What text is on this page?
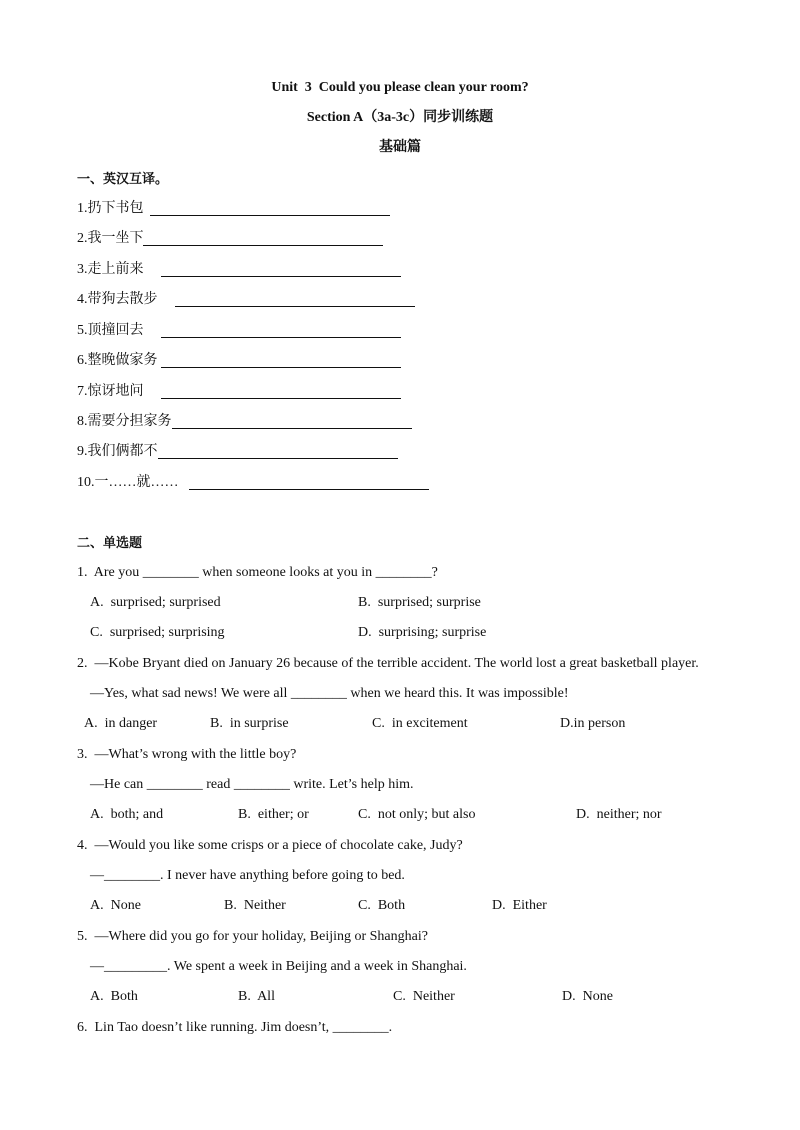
Unit  3  Could you please clean your room?
Section A（3a-3c）同步训练题
基础篇
一、英汉互译。
1.扔下书包
2.我一坐下
3.走上前来
4.带狗去散步
5.顶撞回去
6.整晚做家务
7.惊讶地问
8.需要分担家务
9.我们俩都不
10.一……就……
二、单选题
1.  Are you ________ when someone looks at you in ________?
A.  surprised; surprised	B.  surprised; surprise
C.  surprised; surprising	D.  surprising; surprise
2.  —Kobe Bryant died on January 26 because of the terrible accident. The world lost a great basketball player.
—Yes, what sad news! We were all ________ when we heard this. It was impossible!
A.  in danger	B.  in surprise	C.  in excitement	D.in person
3.  —What’s wrong with the little boy?
—He can ________ read ________ write. Let’s help him.
A.  both; and	B.  either; or	C.  not only; but also	D.  neither; nor
4.  —Would you like some crisps or a piece of chocolate cake, Judy?
—________. I never have anything before going to bed.
A.  None	B.  Neither	C.  Both	D.  Either
5.  —Where did you go for your holiday, Beijing or Shanghai?
—_________. We spent a week in Beijing and a week in Shanghai.
A.  Both	B.  All	C.  Neither	D.  None
6.  Lin Tao doesn’t like running. Jim doesn’t, ________.
